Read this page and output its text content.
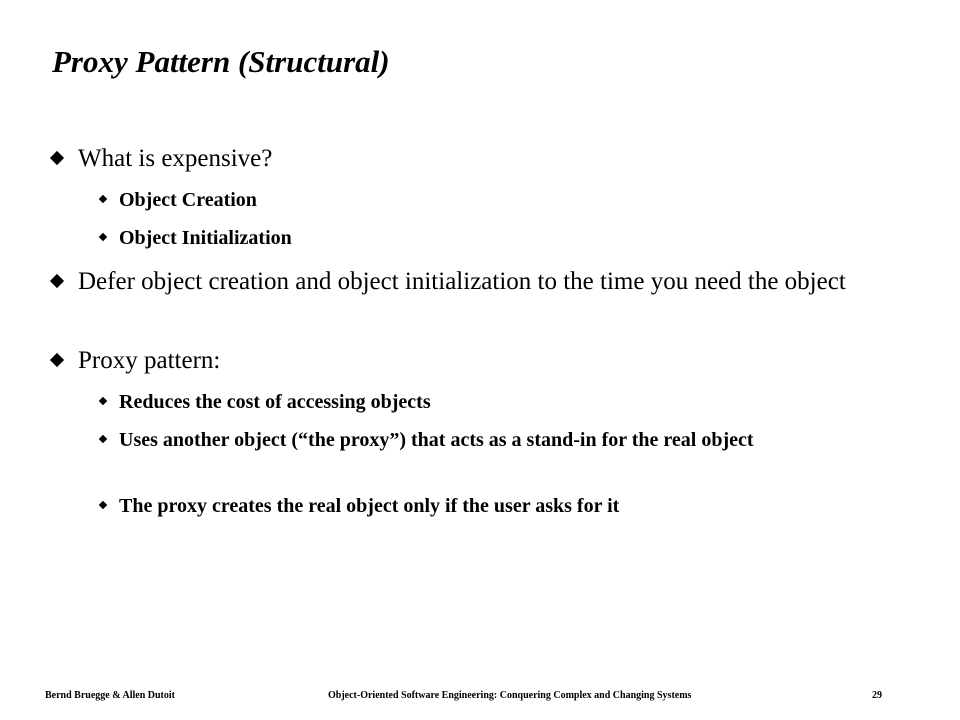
Proxy Pattern (Structural)
What is expensive?
Object Creation
Object Initialization
Defer object creation and object initialization to the time you need the object
Proxy pattern:
Reduces the cost of accessing objects
Uses another object (“the proxy”) that acts as a stand-in for the real object
The proxy creates the real object only if the user asks for it
Bernd Bruegge & Allen Dutoit	Object-Oriented Software Engineering: Conquering Complex and Changing Systems	29
